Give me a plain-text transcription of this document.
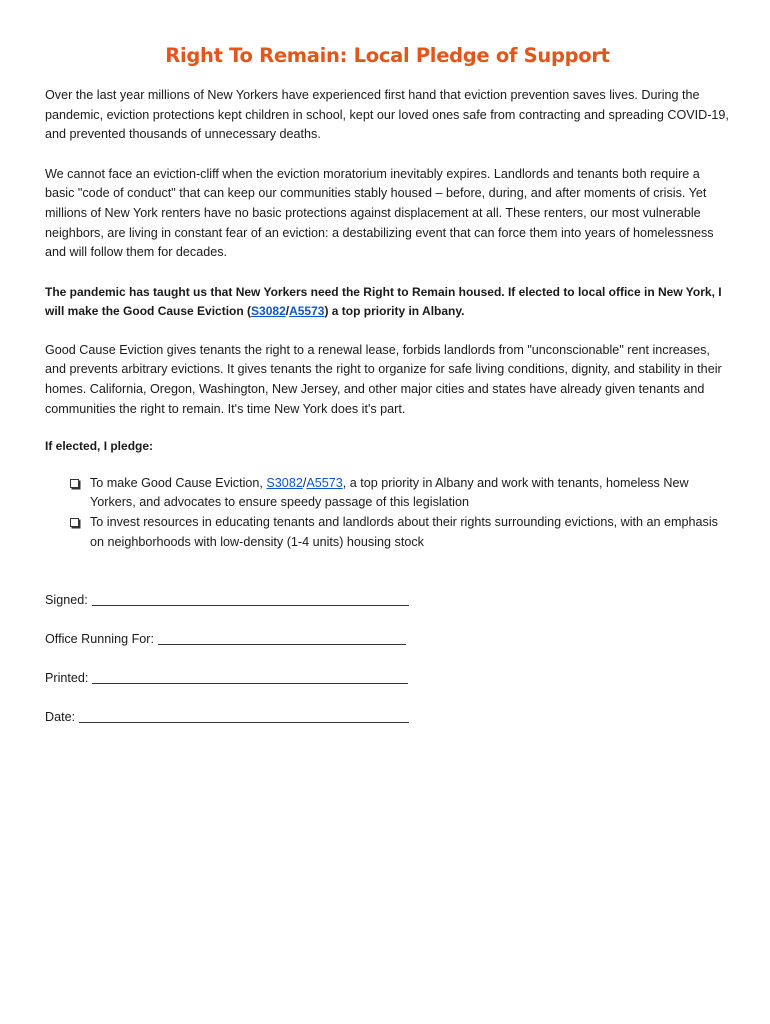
Right To Remain: Local Pledge of Support

Over the last year millions of New Yorkers have experienced first hand that eviction prevention saves lives. During the pandemic, eviction protections kept children in school, kept our loved ones safe from contracting and spreading COVID-19, and prevented thousands of unnecessary deaths.

We cannot face an eviction-cliff when the eviction moratorium inevitably expires. Landlords and tenants both require a basic "code of conduct" that can keep our communities stably housed – before, during, and after moments of crisis. Yet millions of New York renters have no basic protections against displacement at all. These renters, our most vulnerable neighbors, are living in constant fear of an eviction: a destabilizing event that can force them into years of homelessness and will follow them for decades.

The pandemic has taught us that New Yorkers need the Right to Remain housed. If elected to local office in New York, I will make the Good Cause Eviction (S3082/A5573) a top priority in Albany.

Good Cause Eviction gives tenants the right to a renewal lease, forbids landlords from "unconscionable" rent increases, and prevents arbitrary evictions. It gives tenants the right to organize for safe living conditions, dignity, and stability in their homes. California, Oregon, Washington, New Jersey, and other major cities and states have already given tenants and communities the right to remain. It's time New York does it's part.

If elected, I pledge:

To make Good Cause Eviction, S3082/A5573, a top priority in Albany and work with tenants, homeless New Yorkers, and advocates to ensure speedy passage of this legislation
To invest resources in educating tenants and landlords about their rights surrounding evictions, with an emphasis on neighborhoods with low-density (1-4 units) housing stock
Signed:
Office Running For:
Printed:
Date:
